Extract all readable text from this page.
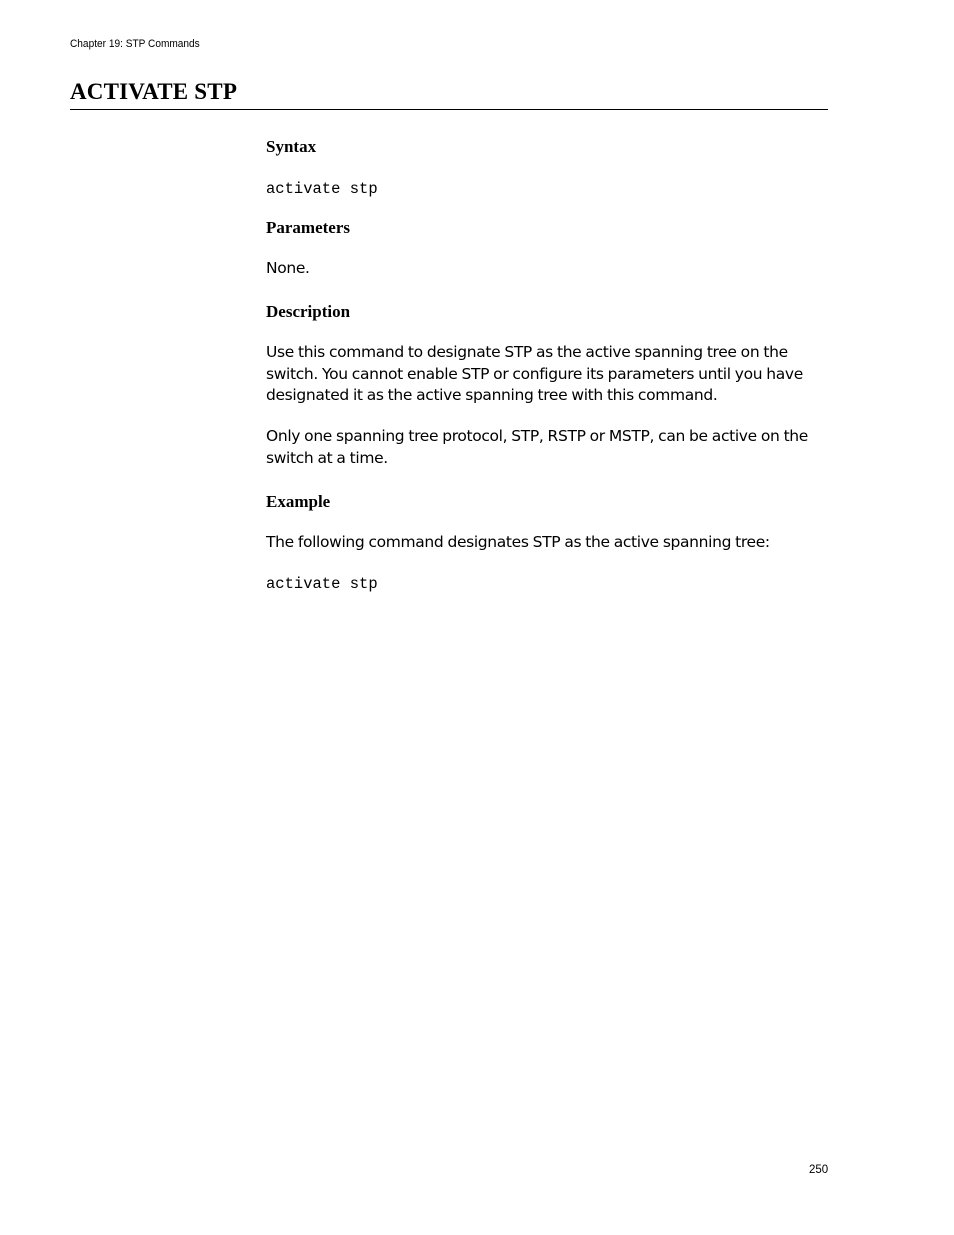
Chapter 19: STP Commands
ACTIVATE STP
Syntax
activate stp
Parameters

None.

Description

Use this command to designate STP as the active spanning tree on the switch. You cannot enable STP or configure its parameters until you have designated it as the active spanning tree with this command.

Only one spanning tree protocol, STP, RSTP or MSTP, can be active on the switch at a time.

Example

The following command designates STP as the active spanning tree:

activate stp
250
